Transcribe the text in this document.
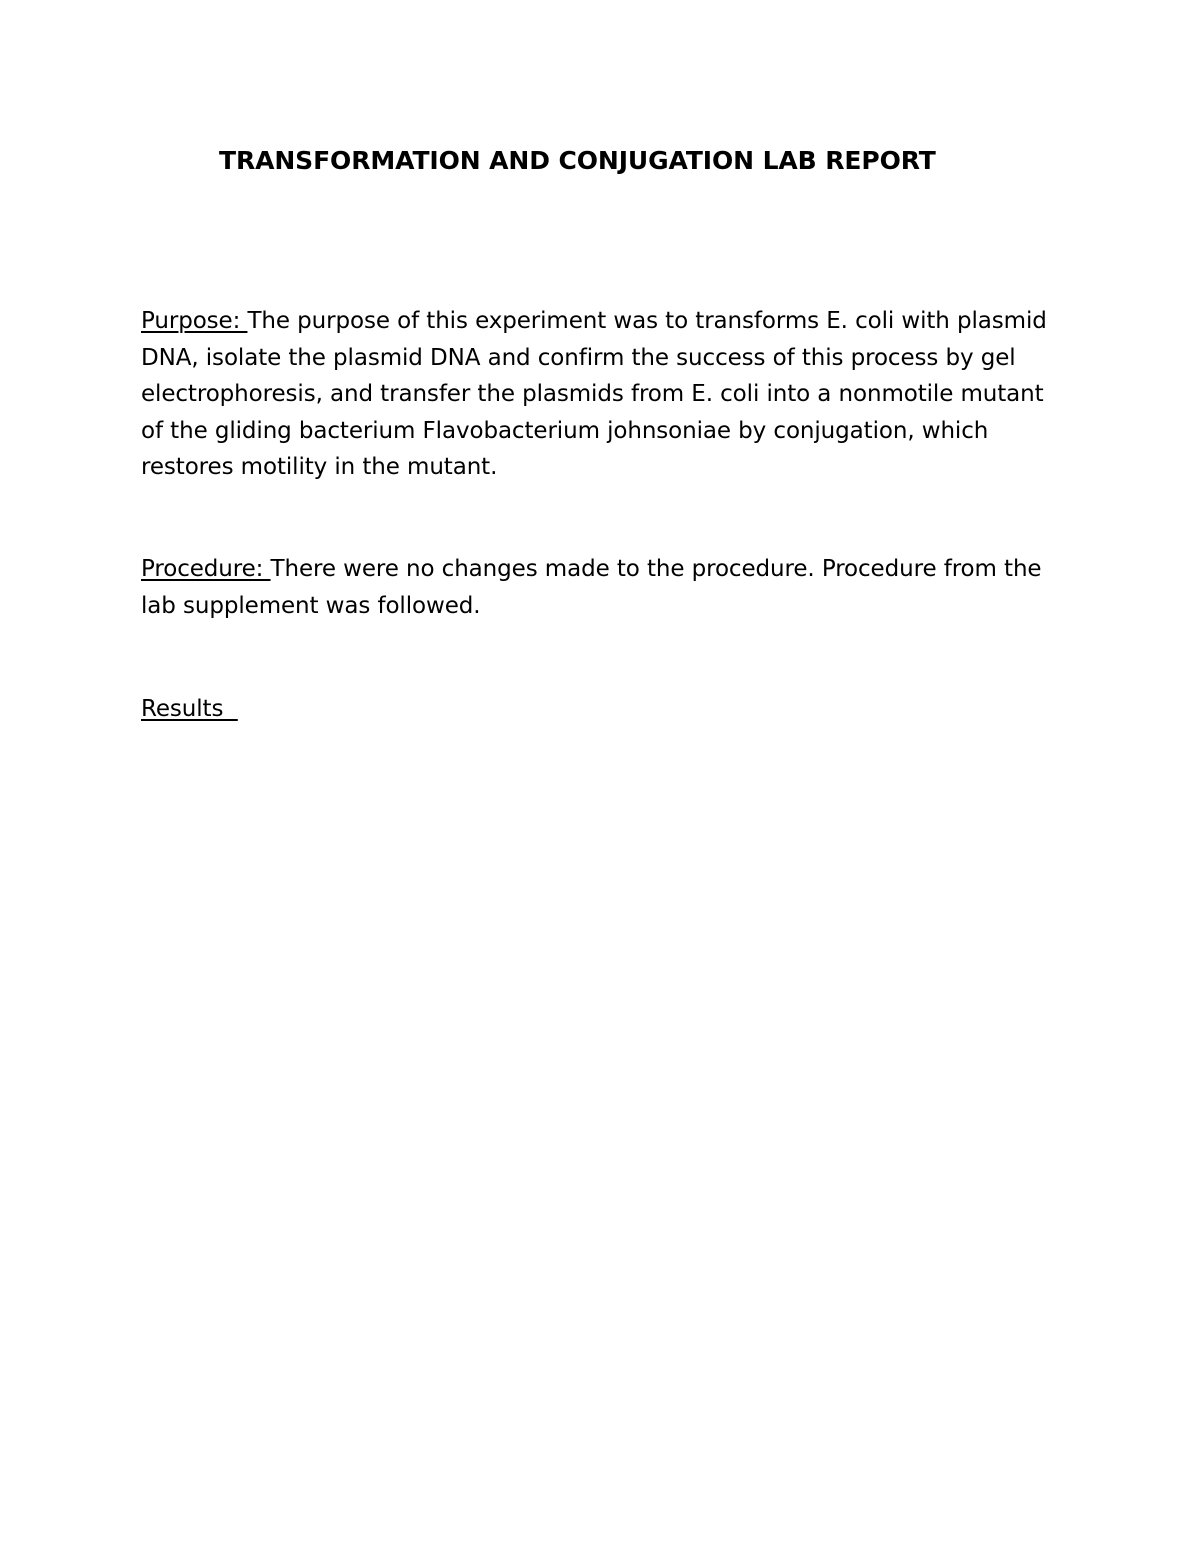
TRANSFORMATION AND CONJUGATION LAB REPORT

Purpose: The purpose of this experiment was to transforms E. coli with plasmid DNA, isolate the plasmid DNA and confirm the success of this process by gel electrophoresis, and transfer the plasmids from E. coli into a nonmotile mutant of the gliding bacterium Flavobacterium johnsoniae by conjugation, which restores motility in the mutant.

Procedure: There were no changes made to the procedure. Procedure from the lab supplement was followed.

Results
